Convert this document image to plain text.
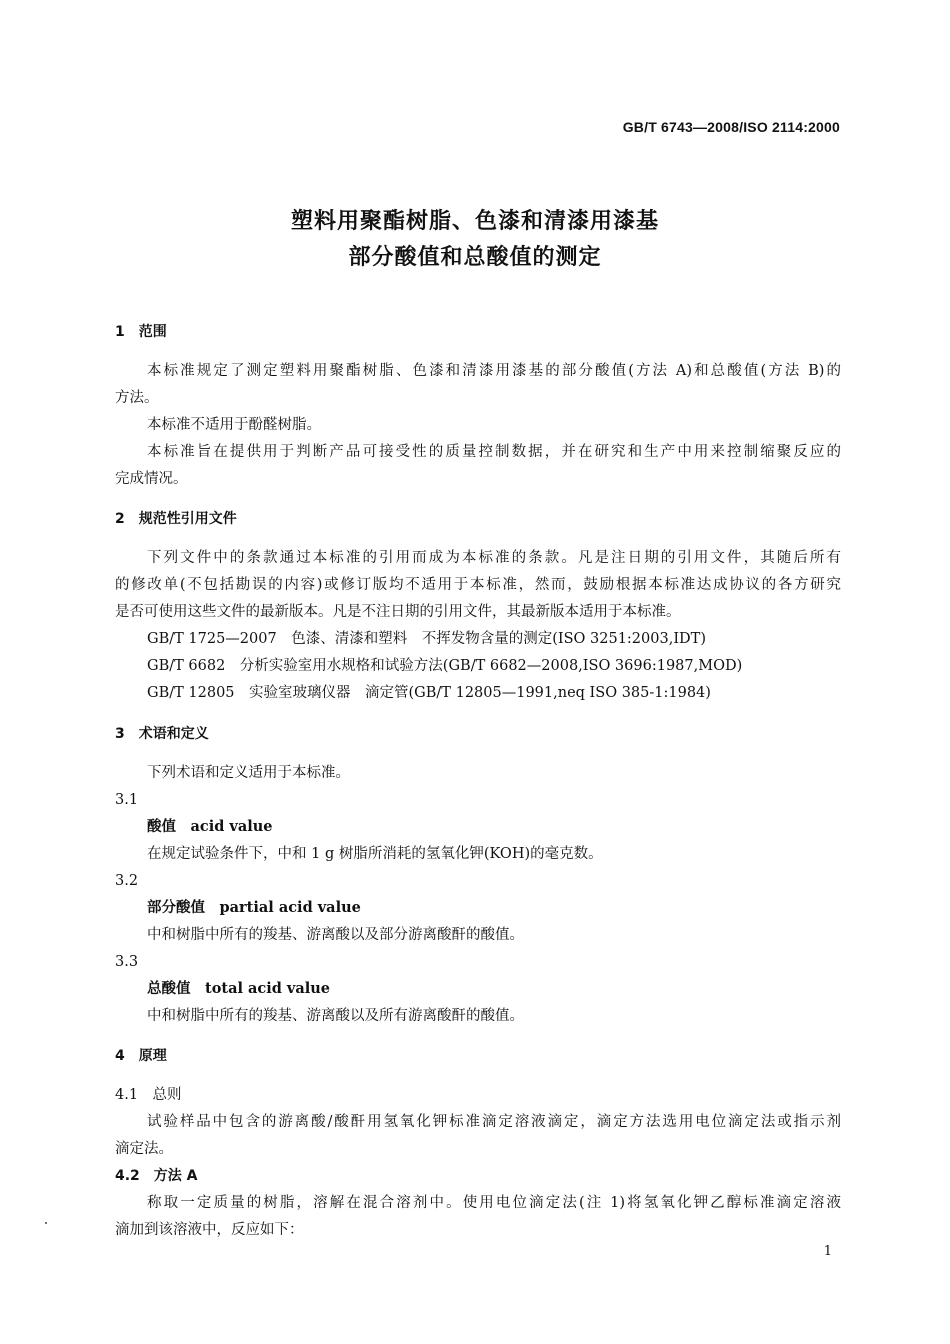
GB/T 6743—2008/ISO 2114:2000
塑料用聚酯树脂、色漆和清漆用漆基
部分酸值和总酸值的测定
1　范围
本标准规定了测定塑料用聚酯树脂、色漆和清漆用漆基的部分酸值(方法 A)和总酸值(方法 B)的
方法。
本标准不适用于酚醛树脂。
本标准旨在提供用于判断产品可接受性的质量控制数据，并在研究和生产中用来控制缩聚反应的
完成情况。
2　规范性引用文件
下列文件中的条款通过本标准的引用而成为本标准的条款。凡是注日期的引用文件，其随后所有
的修改单(不包括勘误的内容)或修订版均不适用于本标准，然而，鼓励根据本标准达成协议的各方研究
是否可使用这些文件的最新版本。凡是不注日期的引用文件，其最新版本适用于本标准。
GB/T 1725—2007　色漆、清漆和塑料　不挥发物含量的测定(ISO 3251:2003,IDT)
GB/T 6682　分析实验室用水规格和试验方法(GB/T 6682—2008,ISO 3696:1987,MOD)
GB/T 12805　实验室玻璃仪器　滴定管(GB/T 12805—1991,neq ISO 385-1:1984)
3　术语和定义
下列术语和定义适用于本标准。
3.1
酸值　acid value
在规定试验条件下，中和 1 g 树脂所消耗的氢氧化钾(KOH)的毫克数。
3.2
部分酸值　partial acid value
中和树脂中所有的羧基、游离酸以及部分游离酸酐的酸值。
3.3
总酸值　total acid value
中和树脂中所有的羧基、游离酸以及所有游离酸酐的酸值。
4　原理
4.1　总则
试验样品中包含的游离酸/酸酐用氢氧化钾标准滴定溶液滴定，滴定方法选用电位滴定法或指示剂
滴定法。
4.2　方法 A
称取一定质量的树脂，溶解在混合溶剂中。使用电位滴定法(注 1)将氢氧化钾乙醇标准滴定溶液
滴加到该溶液中，反应如下：
1
